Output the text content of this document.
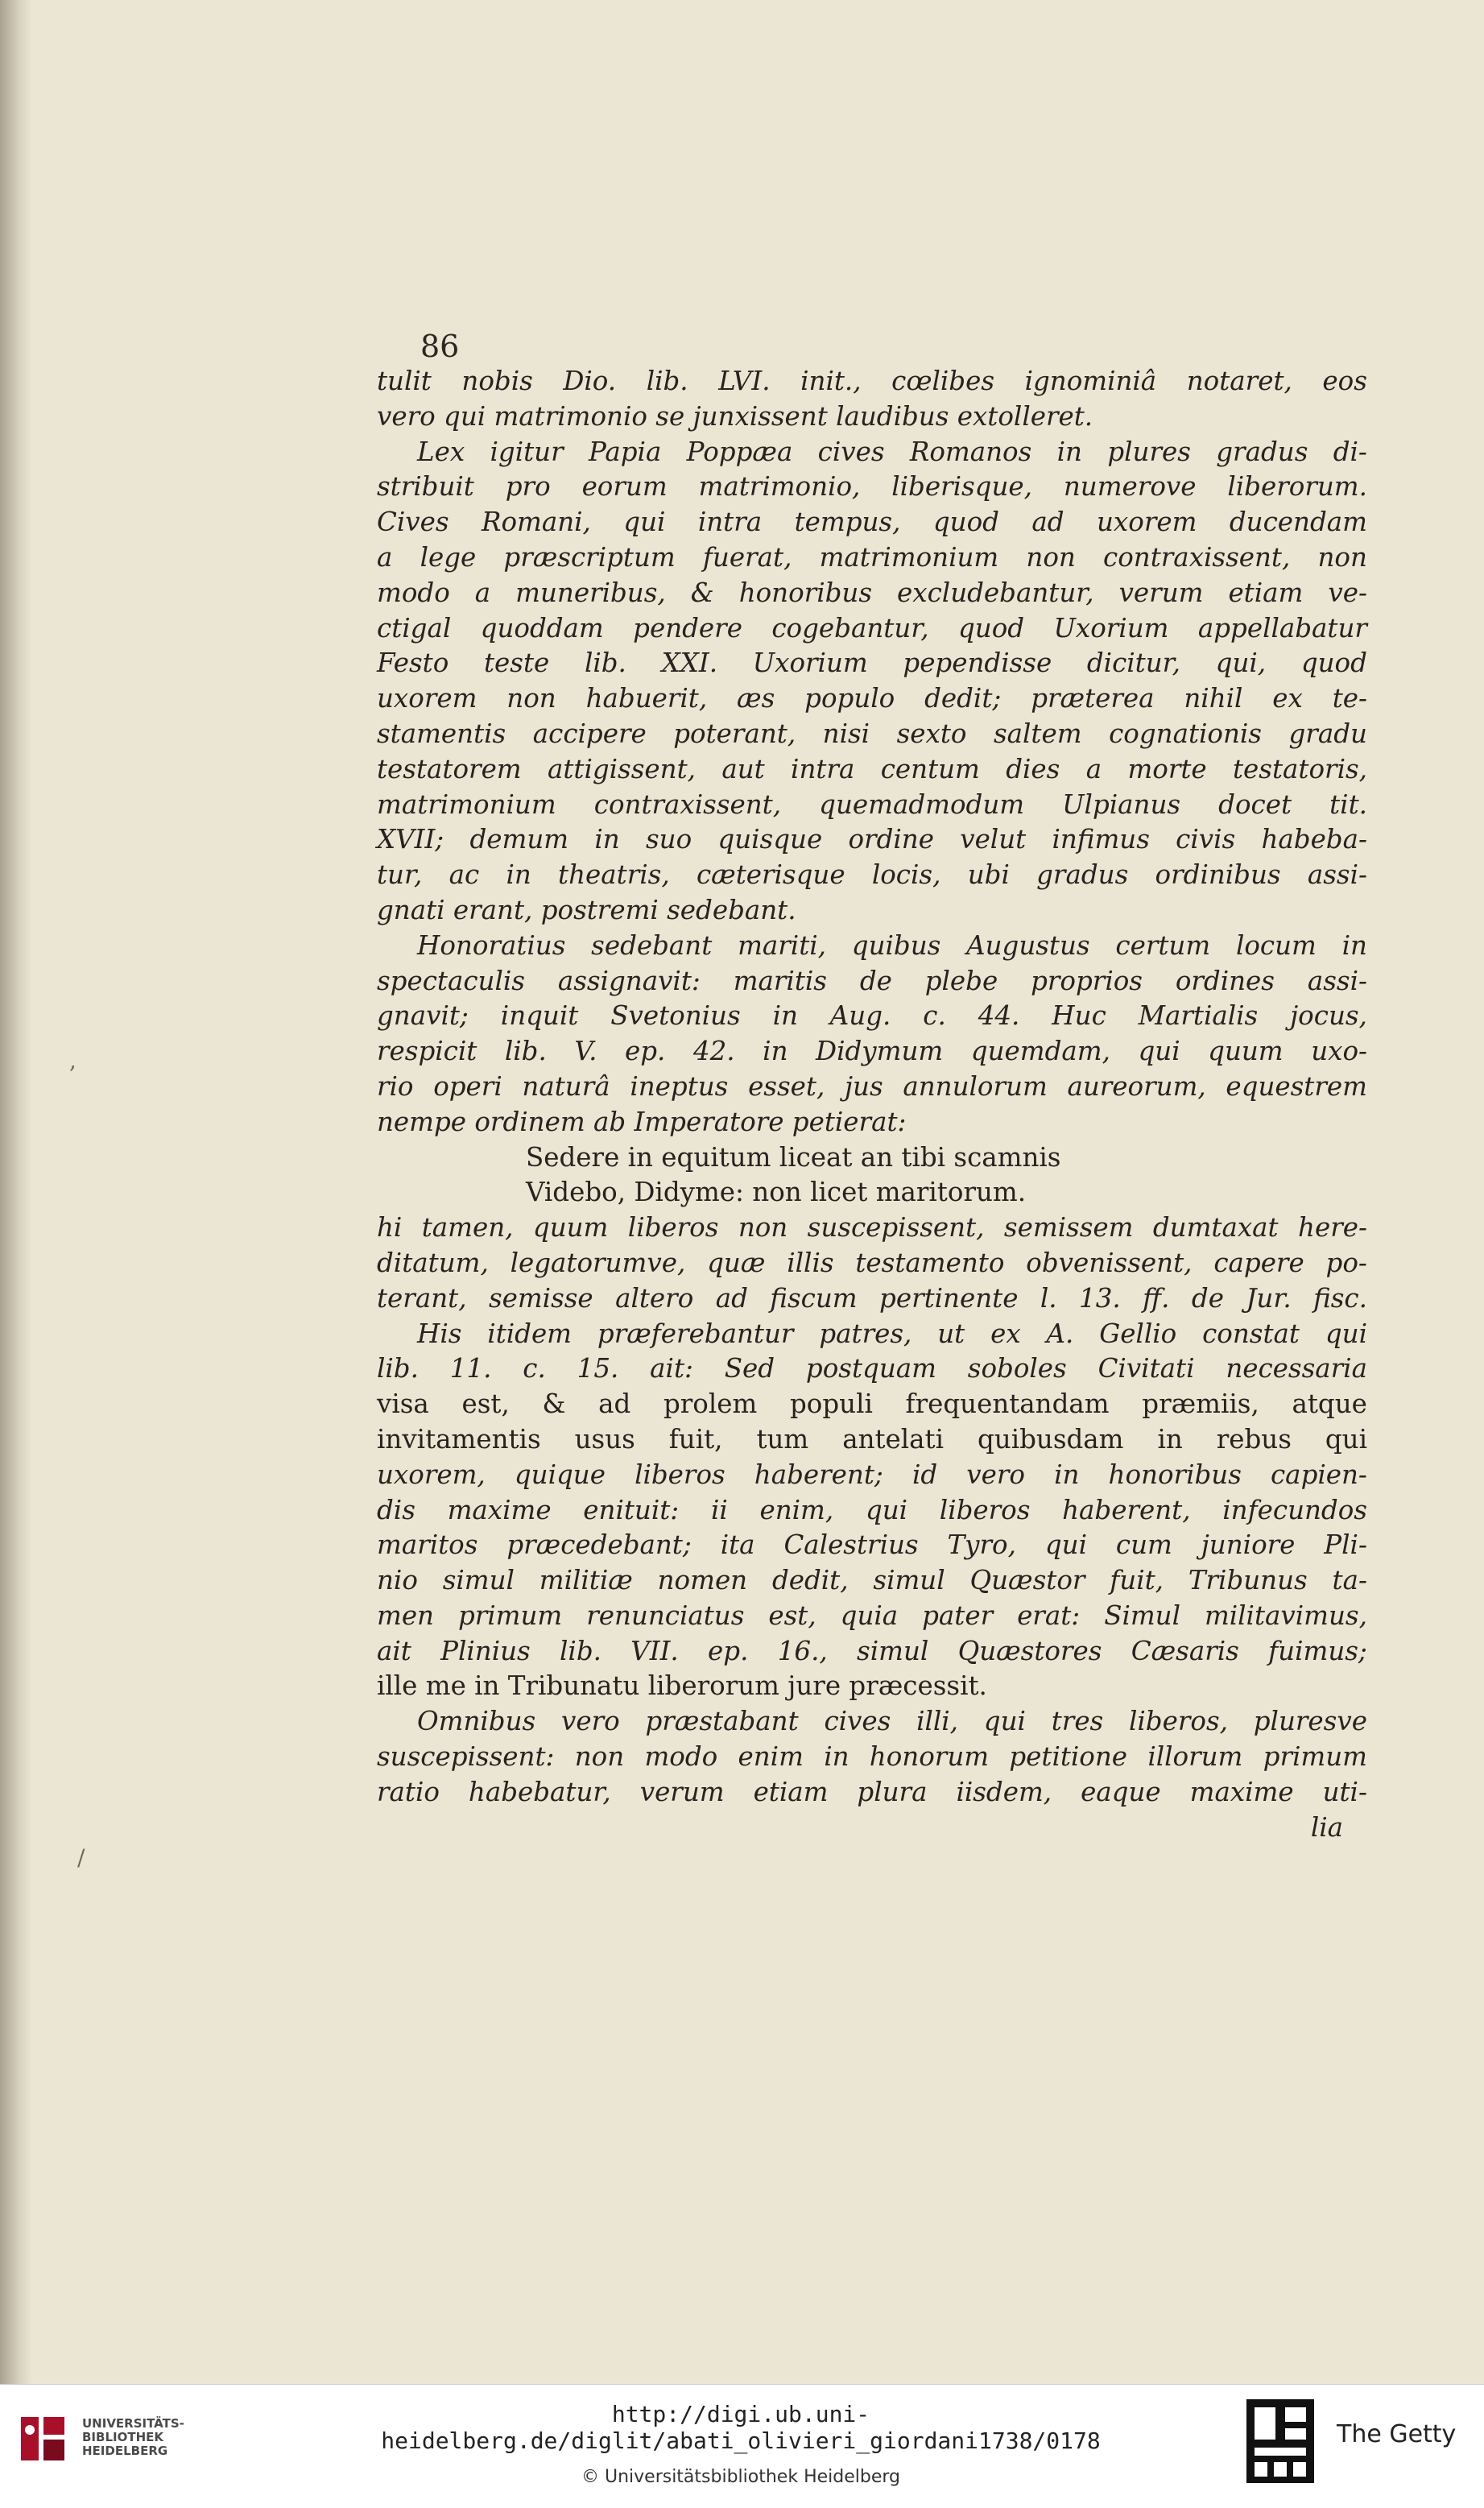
86
tulit nobis Dio. lib. LVI. init., cœlibes ignominiâ notaret, eos
vero qui matrimonio se junxissent laudibus extolleret.
Lex igitur Papia Poppæa cives Romanos in plures gradus di-
stribuit pro eorum matrimonio, liberisque, numerove liberorum.
Cives Romani, qui intra tempus, quod ad uxorem ducendam
a lege præscriptum fuerat, matrimonium non contraxissent, non
modo a muneribus, & honoribus excludebantur, verum etiam ve-
ctigal quoddam pendere cogebantur, quod Uxorium appellabatur
Festo teste lib. XXI. Uxorium pependisse dicitur, qui, quod
uxorem non habuerit, æs populo dedit; præterea nihil ex te-
stamentis accipere poterant, nisi sexto saltem cognationis gradu
testatorem attigissent, aut intra centum dies a morte testatoris,
matrimonium contraxissent, quemadmodum Ulpianus docet tit.
XVII; demum in suo quisque ordine velut infimus civis habeba-
tur, ac in theatris, cæterisque locis, ubi gradus ordinibus assi-
gnati erant, postremi sedebant.
Honoratius sedebant mariti, quibus Augustus certum locum in
spectaculis assignavit: maritis de plebe proprios ordines assi-
gnavit; inquit Svetonius in Aug. c. 44. Huc Martialis jocus,
respicit lib. V. ep. 42. in Didymum quemdam, qui quum uxo-
rio operi naturâ ineptus esset, jus annulorum aureorum, equestrem
nempe ordinem ab Imperatore petierat:
Sedere in equitum liceat an tibi scamnis
Videbo, Didyme: non licet maritorum.
hi tamen, quum liberos non suscepissent, semissem dumtaxat here-
ditatum, legatorumve, quæ illis testamento obvenissent, capere po-
terant, semisse altero ad fiscum pertinente l. 13. ff. de Jur. fisc.
His itidem præferebantur patres, ut ex A. Gellio constat qui
lib. 11. c. 15. ait: Sed postquam soboles Civitati necessaria
visa est, & ad prolem populi frequentandam præmiis, atque
invitamentis usus fuit, tum antelati quibusdam in rebus qui
uxorem, quique liberos haberent; id vero in honoribus capien-
dis maxime enituit: ii enim, qui liberos haberent, infecundos
maritos præcedebant; ita Calestrius Tyro, qui cum juniore Pli-
nio simul militiæ nomen dedit, simul Quæstor fuit, Tribunus ta-
men primum renunciatus est, quia pater erat: Simul militavimus,
ait Plinius lib. VII. ep. 16., simul Quæstores Cæsaris fuimus;
ille me in Tribunatu liberorum jure præcessit.
Omnibus vero præstabant cives illi, qui tres liberos, pluresve
suscepissent: non modo enim in honorum petitione illorum primum
ratio habebatur, verum etiam plura iisdem, eaque maxime uti-
lia
,
/
UNIVERSITÄTS-
BIBLIOTHEK
HEIDELBERG
http://digi.ub.uni-heidelberg.de/diglit/abati_olivieri_giordani1738/0178
© Universitätsbibliothek Heidelberg
The Getty
